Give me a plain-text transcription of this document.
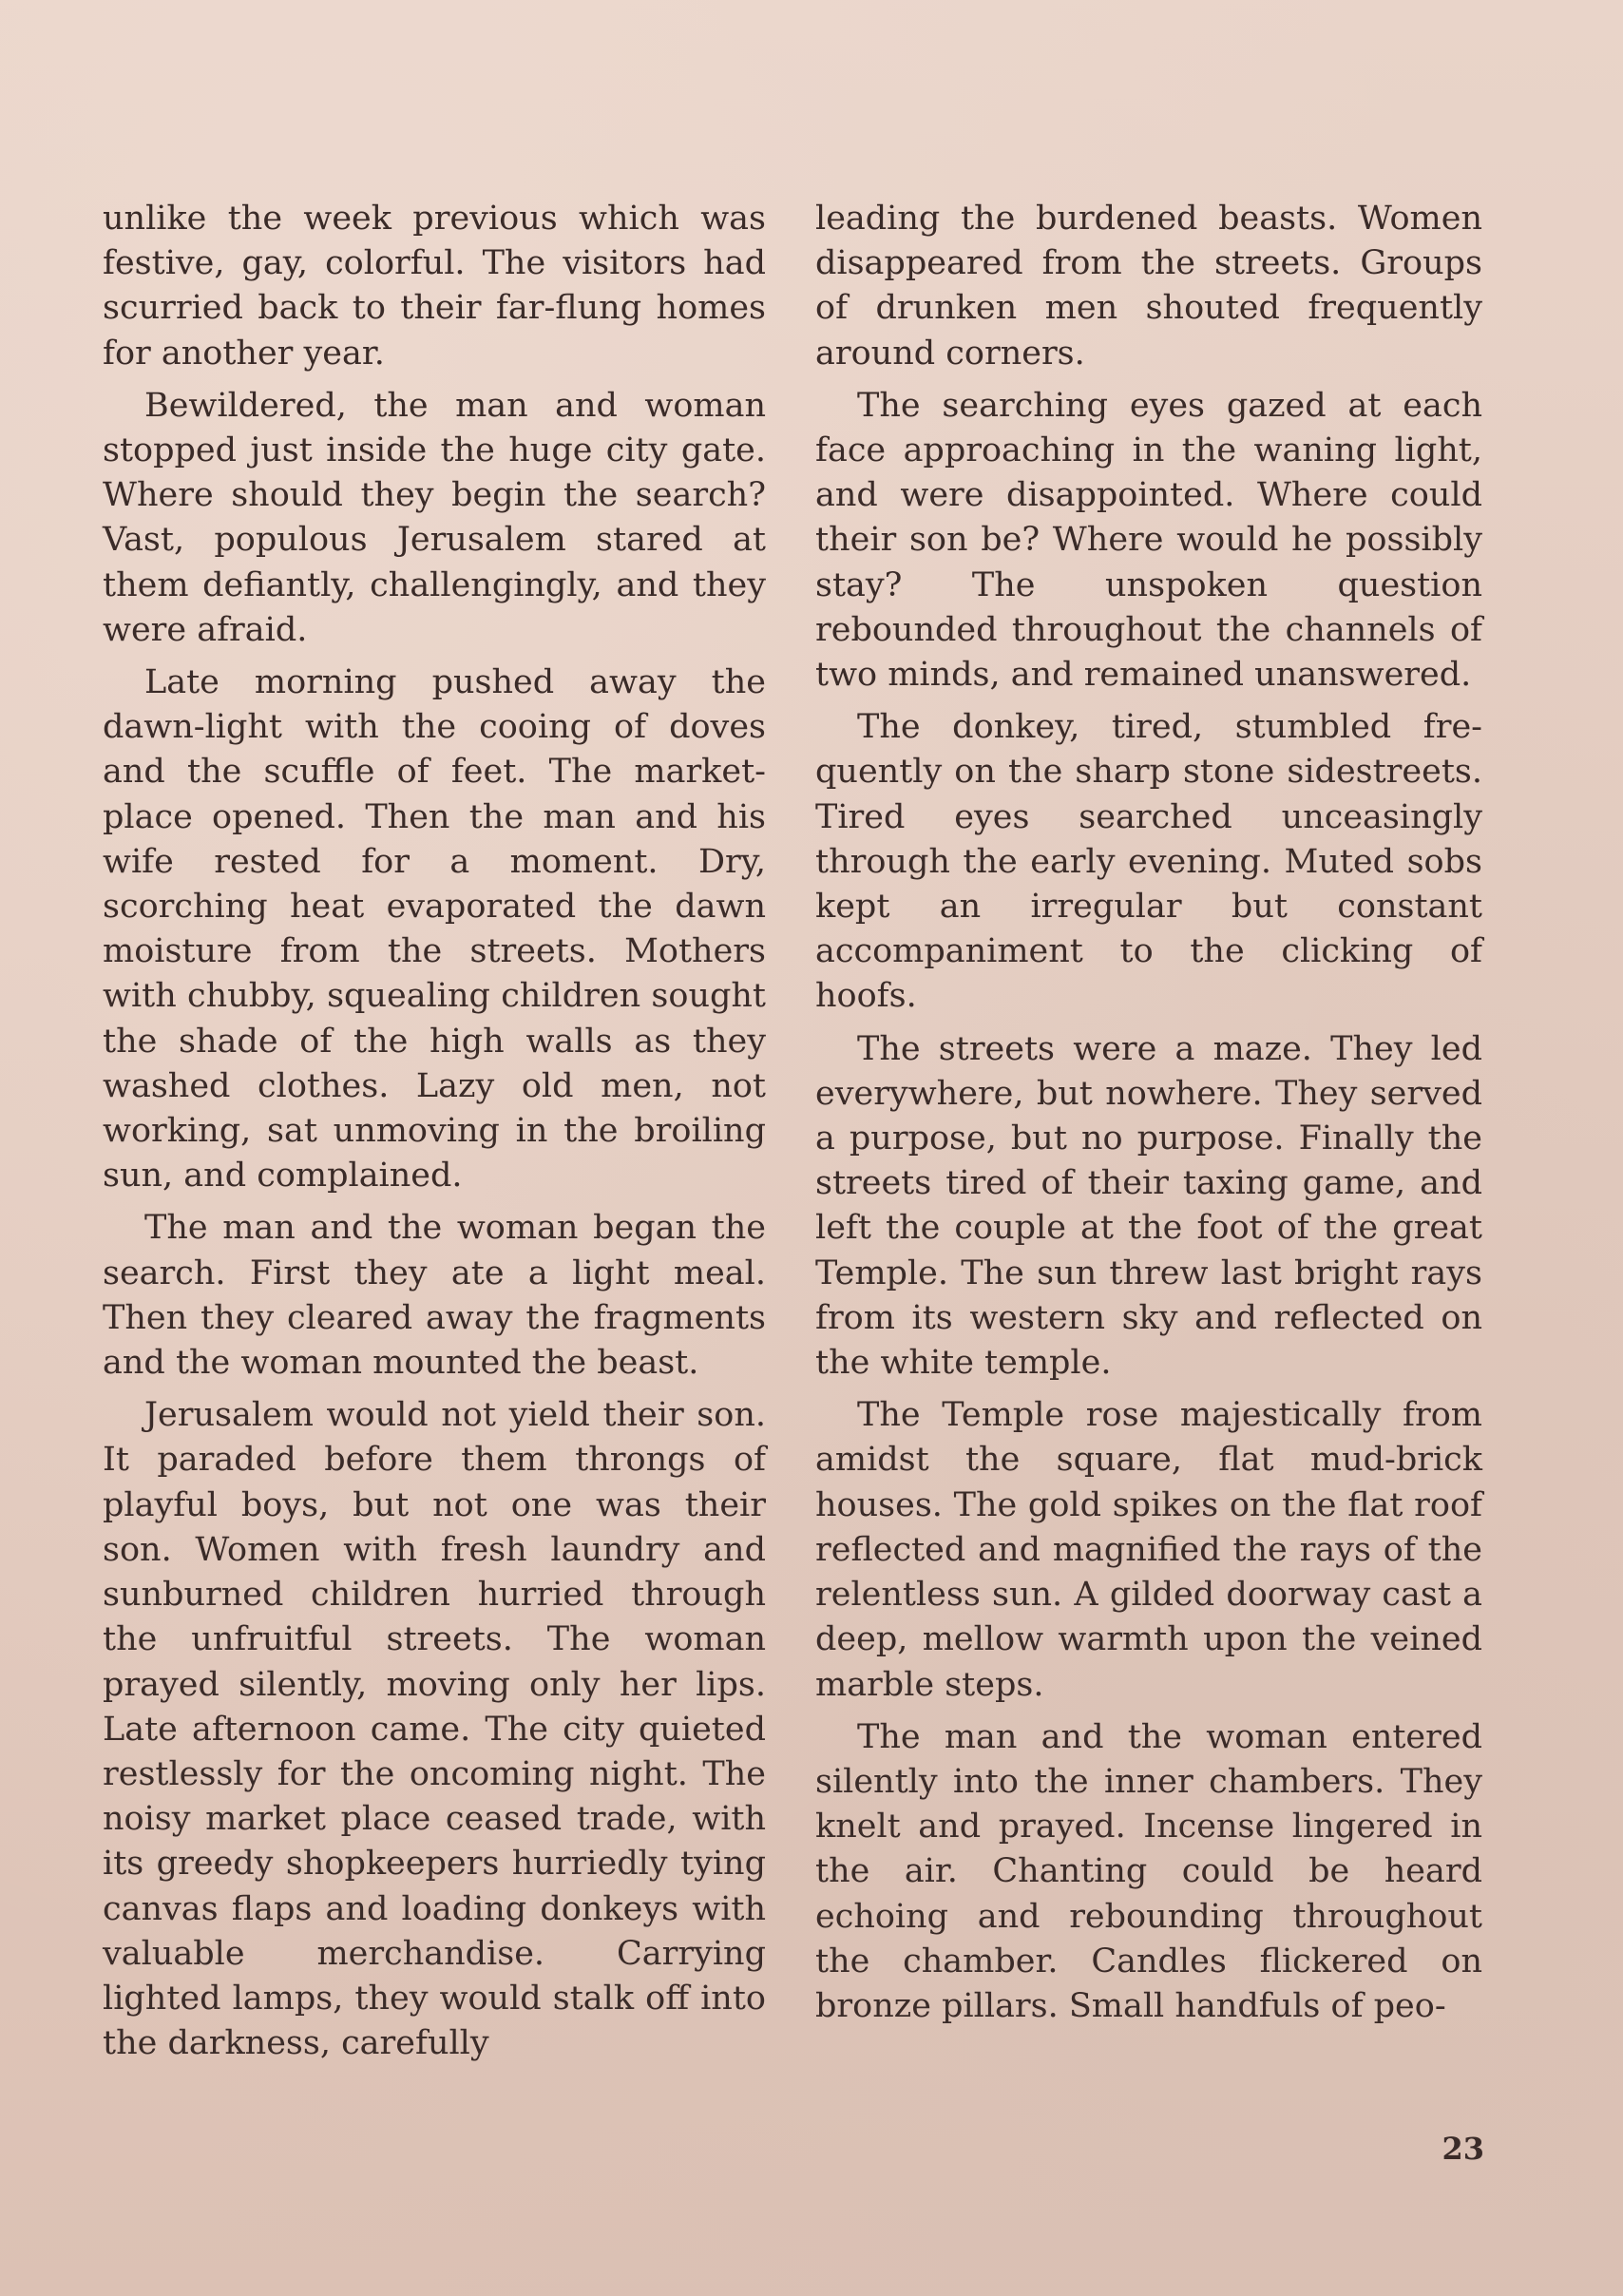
unlike the week previous which was festive, gay, colorful. The visitors had scurried back to their far-flung homes for another year.

Bewildered, the man and woman stopped just inside the huge city gate. Where should they begin the search? Vast, populous Jerusalem stared at them defiantly, challengingly, and they were afraid.

Late morning pushed away the dawn-light with the cooing of doves and the scuffle of feet. The market-place opened. Then the man and his wife rested for a moment. Dry, scorching heat evaporated the dawn moisture from the streets. Mothers with chubby, squealing children sought the shade of the high walls as they washed clothes. Lazy old men, not working, sat unmoving in the broiling sun, and complained.

The man and the woman began the search. First they ate a light meal. Then they cleared away the fragments and the woman mounted the beast.

Jerusalem would not yield their son. It paraded before them throngs of playful boys, but not one was their son. Women with fresh laundry and sunburned children hurried through the unfruitful streets. The woman prayed silently, moving only her lips. Late afternoon came. The city quieted restlessly for the oncoming night. The noisy market place ceased trade, with its greedy shopkeepers hurriedly tying canvas flaps and loading donkeys with valuable merchandise. Carrying lighted lamps, they would stalk off into the darkness, carefully

leading the burdened beasts. Women disappeared from the streets. Groups of drunken men shouted frequently around corners.

The searching eyes gazed at each face approaching in the waning light, and were disappointed. Where could their son be? Where would he possibly stay? The unspoken question rebounded throughout the channels of two minds, and remained unanswered.

The donkey, tired, stumbled frequently on the sharp stone sidestreets. Tired eyes searched unceasingly through the early evening. Muted sobs kept an irregular but constant accompaniment to the clicking of hoofs.

The streets were a maze. They led everywhere, but nowhere. They served a purpose, but no purpose. Finally the streets tired of their taxing game, and left the couple at the foot of the great Temple. The sun threw last bright rays from its western sky and reflected on the white temple.

The Temple rose majestically from amidst the square, flat mud-brick houses. The gold spikes on the flat roof reflected and magnified the rays of the relentless sun. A gilded doorway cast a deep, mellow warmth upon the veined marble steps.

The man and the woman entered silently into the inner chambers. They knelt and prayed. Incense lingered in the air. Chanting could be heard echoing and rebounding throughout the chamber. Candles flickered on bronze pillars. Small handfuls of peo-

23
